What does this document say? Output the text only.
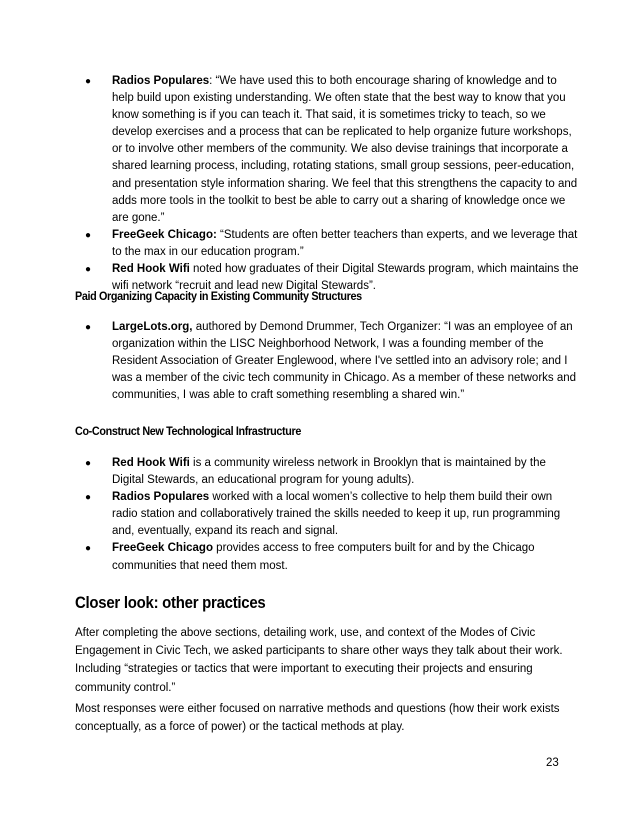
● Radios Populares: “We have used this to both encourage sharing of knowledge and to help build upon existing understanding. We often state that the best way to know that you know something is if you can teach it. That said, it is sometimes tricky to teach, so we develop exercises and a process that can be replicated to help organize future workshops, or to involve other members of the community. We also devise trainings that incorporate a shared learning process, including, rotating stations, small group sessions, peer-education, and presentation style information sharing. We feel that this strengthens the capacity to and adds more tools in the toolkit to best be able to carry out a sharing of knowledge once we are gone.”
● FreeGeek Chicago: “Students are often better teachers than experts, and we leverage that to the max in our education program.”
● Red Hook Wifi noted how graduates of their Digital Stewards program, which maintains the wifi network “recruit and lead new Digital Stewards”.
Paid Organizing Capacity in Existing Community Structures
● LargeLots.org, authored by Demond Drummer, Tech Organizer: “I was an employee of an organization within the LISC Neighborhood Network, I was a founding member of the Resident Association of Greater Englewood, where I've settled into an advisory role; and I was a member of the civic tech community in Chicago. As a member of these networks and communities, I was able to craft something resembling a shared win.”
Co-Construct New Technological Infrastructure
● Red Hook Wifi is a community wireless network in Brooklyn that is maintained by the Digital Stewards, an educational program for young adults).
● Radios Populares worked with a local women’s collective to help them build their own radio station and collaboratively trained the skills needed to keep it up, run programming and, eventually, expand its reach and signal.
● FreeGeek Chicago provides access to free computers built for and by the Chicago communities that need them most.
Closer look: other practices

After completing the above sections, detailing work, use, and context of the Modes of Civic Engagement in Civic Tech, we asked participants to share other ways they talk about their work. Including “strategies or tactics that were important to executing their projects and ensuring community control.”

Most responses were either focused on narrative methods and questions (how their work exists conceptually, as a force of power) or the tactical methods at play.

23
